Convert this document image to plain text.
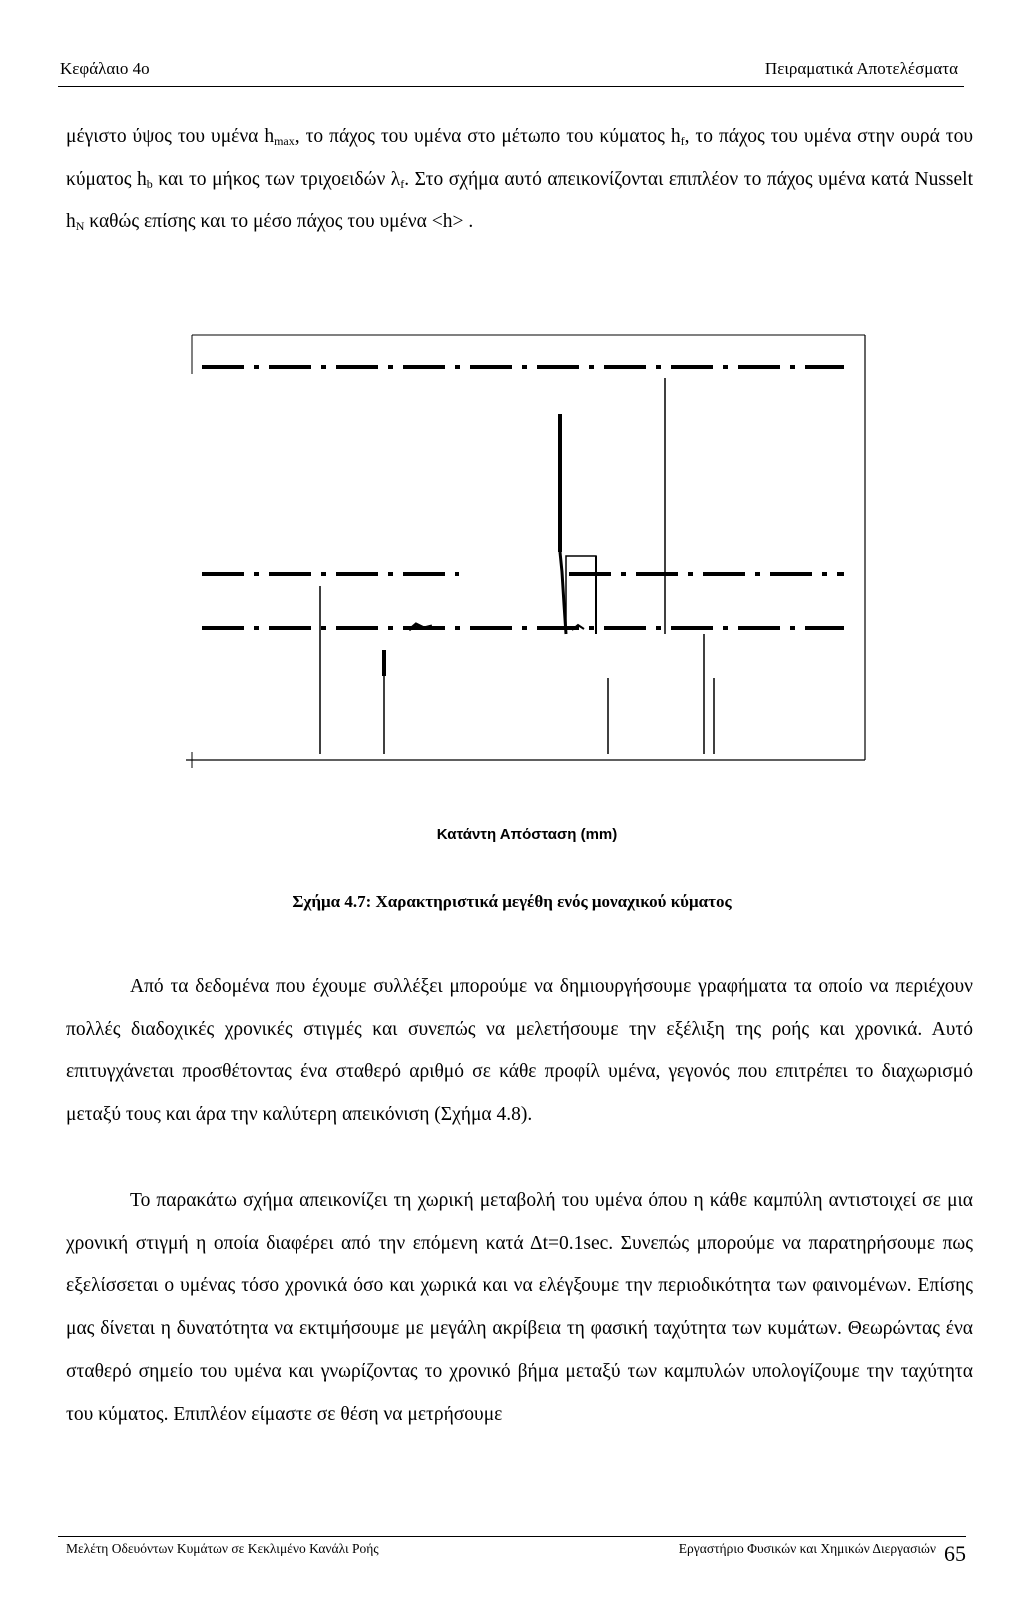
Κεφάλαιο 4ο	Πειραματικά Αποτελέσματα

μέγιστο ύψος του υμένα $h_{max}$, το πάχος του υμένα στο μέτωπο του κύματος $h_f$, το πάχος του υμένα στην ουρά του κύματος $h_b$ και το μήκος των τριχοειδών $\lambda_f$. Στο σχήμα αυτό απεικονίζονται επιπλέον το πάχος υμένα κατά Nusselt $h_N$ καθώς επίσης και το μέσο πάχος του υμένα <h> .

Κατάντη Απόσταση (mm)
Σχήμα 4.7: Χαρακτηριστικά μεγέθη ενός μοναχικού κύματος

Από τα δεδομένα που έχουμε συλλέξει μπορούμε να δημιουργήσουμε γραφήματα τα οποίο να περιέχουν πολλές διαδοχικές χρονικές στιγμές και συνεπώς να μελετήσουμε την εξέλιξη της ροής και χρονικά. Αυτό επιτυγχάνεται προσθέτοντας ένα σταθερό αριθμό σε κάθε προφίλ υμένα, γεγονός που επιτρέπει το διαχωρισμό μεταξύ τους και άρα την καλύτερη απεικόνιση (Σχήμα 4.8).

Το παρακάτω σχήμα απεικονίζει τη χωρική μεταβολή του υμένα όπου η κάθε καμπύλη αντιστοιχεί σε μια χρονική στιγμή η οποία διαφέρει από την επόμενη κατά Δt=0.1sec. Συνεπώς μπορούμε να παρατηρήσουμε πως εξελίσσεται ο υμένας τόσο χρονικά όσο και χωρικά και να ελέγξουμε την περιοδικότητα των φαινομένων. Επίσης μας δίνεται η δυνατότητα να εκτιμήσουμε με μεγάλη ακρίβεια τη φασική ταχύτητα των κυμάτων. Θεωρώντας ένα σταθερό σημείο του υμένα και γνωρίζοντας το χρονικό βήμα μεταξύ των καμπυλών υπολογίζουμε την ταχύτητα του κύματος. Επιπλέον είμαστε σε θέση να μετρήσουμε

Μελέτη Οδευόντων Κυμάτων σε Κεκλιμένο Κανάλι Ροής	Εργαστήριο Φυσικών και Χημικών Διεργασιών 65
